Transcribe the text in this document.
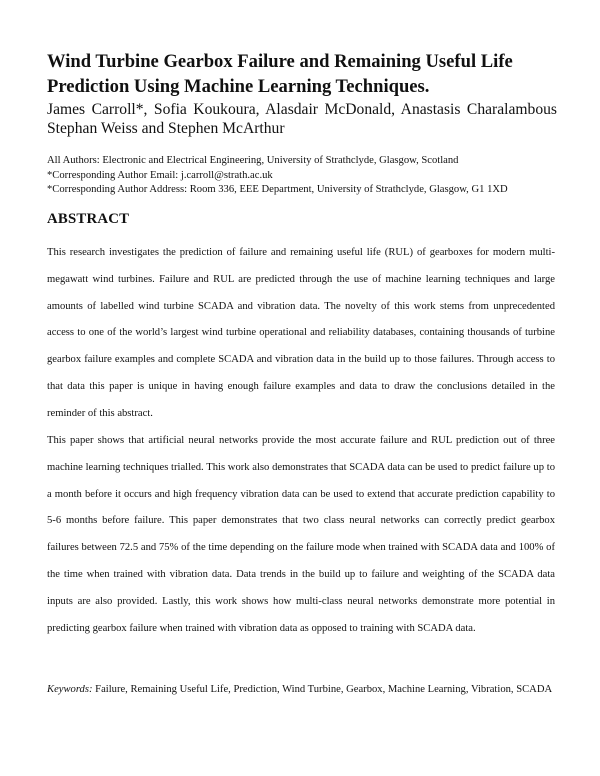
Wind Turbine Gearbox Failure and Remaining Useful Life
Prediction Using Machine Learning Techniques.
James Carroll*, Sofia Koukoura, Alasdair McDonald, Anastasis Charalambous
Stephan Weiss and Stephen McArthur
All Authors: Electronic and Electrical Engineering, University of Strathclyde, Glasgow, Scotland
*Corresponding Author Email: j.carroll@strath.ac.uk
*Corresponding Author Address: Room 336, EEE Department, University of Strathclyde, Glasgow, G1 1XD
ABSTRACT

This research investigates the prediction of failure and remaining useful life (RUL) of gearboxes for modern multi-megawatt wind turbines. Failure and RUL are predicted through the use of machine learning techniques and large amounts of labelled wind turbine SCADA and vibration data. The novelty of this work stems from unprecedented access to one of the world’s largest wind turbine operational and reliability databases, containing thousands of turbine gearbox failure examples and complete SCADA and vibration data in the build up to those failures. Through access to that data this paper is unique in having enough failure examples and data to draw the conclusions detailed in the reminder of this abstract.

This paper shows that artificial neural networks provide the most accurate failure and RUL prediction out of three machine learning techniques trialled. This work also demonstrates that SCADA data can be used to predict failure up to a month before it occurs and high frequency vibration data can be used to extend that accurate prediction capability to 5-6 months before failure. This paper demonstrates that two class neural networks can correctly predict gearbox failures between 72.5 and 75% of the time depending on the failure mode when trained with SCADA data and 100% of the time when trained with vibration data. Data trends in the build up to failure and weighting of the SCADA data inputs are also provided. Lastly, this work shows how multi-class neural networks demonstrate more potential in predicting gearbox failure when trained with vibration data as opposed to training with SCADA data.

Keywords: Failure, Remaining Useful Life, Prediction, Wind Turbine, Gearbox, Machine Learning, Vibration, SCADA
